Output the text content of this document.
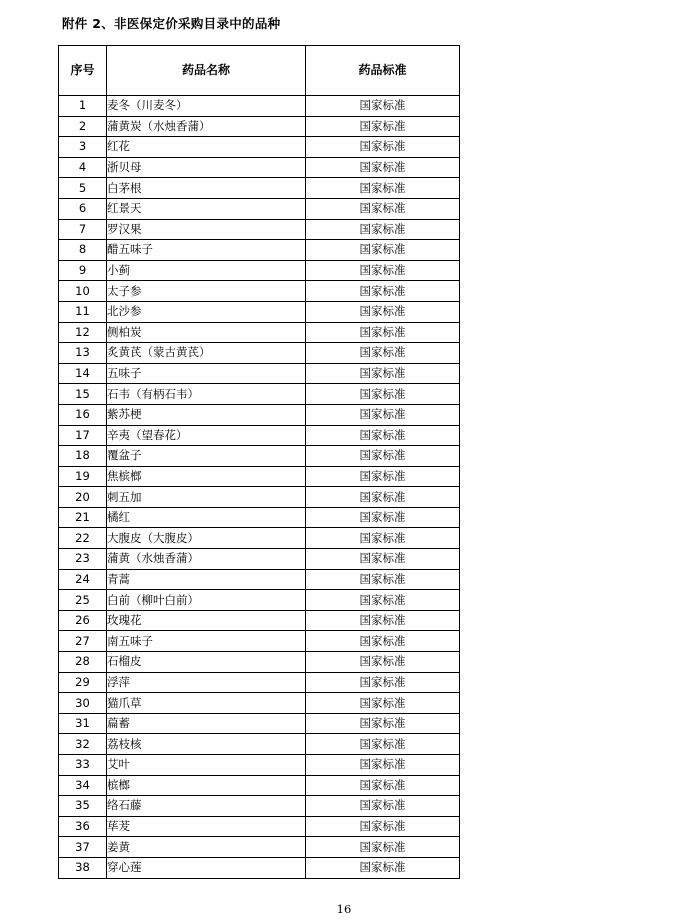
附件 2、非医保定价采购目录中的品种
序号	药品名称	药品标准
1	麦冬（川麦冬）	国家标准
2	蒲黄炭（水烛香蒲）	国家标准
3	红花	国家标准
4	浙贝母	国家标准
5	白茅根	国家标准
6	红景天	国家标准
7	罗汉果	国家标准
8	醋五味子	国家标准
9	小蓟	国家标准
10	太子参	国家标准
11	北沙参	国家标准
12	侧柏炭	国家标准
13	炙黄芪（蒙古黄芪）	国家标准
14	五味子	国家标准
15	石韦（有柄石韦）	国家标准
16	紫苏梗	国家标准
17	辛夷（望春花）	国家标准
18	覆盆子	国家标准
19	焦槟榔	国家标准
20	刺五加	国家标准
21	橘红	国家标准
22	大腹皮（大腹皮）	国家标准
23	蒲黄（水烛香蒲）	国家标准
24	青蒿	国家标准
25	白前（柳叶白前）	国家标准
26	玫瑰花	国家标准
27	南五味子	国家标准
28	石榴皮	国家标准
29	浮萍	国家标准
30	猫爪草	国家标准
31	萹蓄	国家标准
32	荔枝核	国家标准
33	艾叶	国家标准
34	槟榔	国家标准
35	络石藤	国家标准
36	荜茇	国家标准
37	姜黄	国家标准
38	穿心莲	国家标准
16
